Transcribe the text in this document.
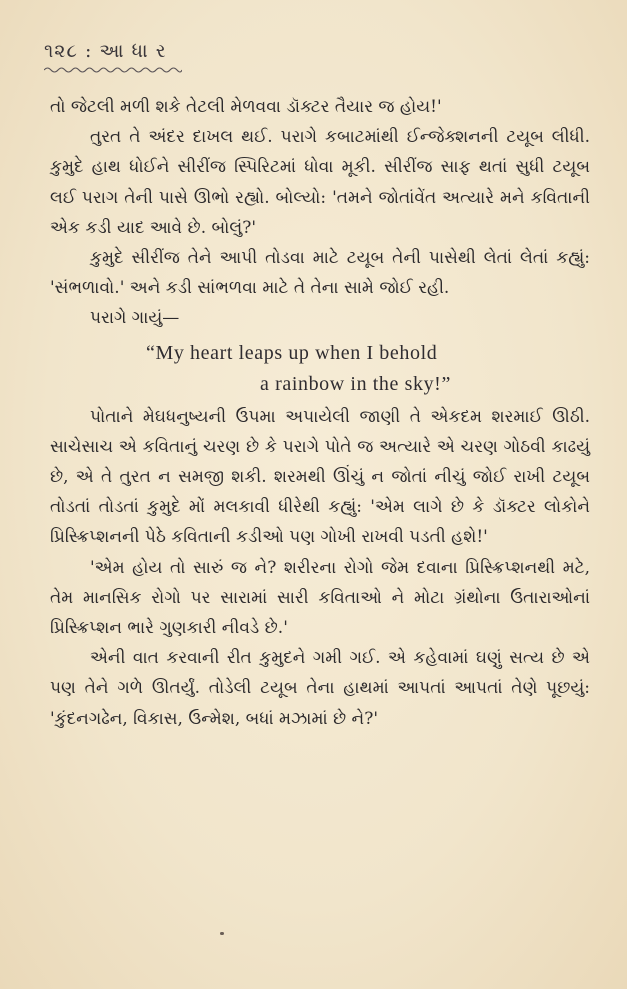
૧૨૮ : આ ધા ર

તો જેટલી મળી શકે તેટલી મેળવવા ડૉક્ટર તૈયાર જ હોય!'

તુરત તે અંદર દાખલ થઈ. પરાગે કબાટમાંથી ઈન્જેક્શનની ટયૂબ લીધી. કુમુદે હાથ ધોઈને સીરીંજ સ્પિરિટમાં ધોવા મૂકી. સીરીંજ સાફ થતાં સુધી ટયૂબ લઈ પરાગ તેની પાસે ઊભો રહ્યો. બોલ્યો: 'તમને જોતાંવેંત અત્યારે મને કવિતાની એક કડી યાદ આવે છે. બોલું?'

કુમુદે સીરીંજ તેને આપી તોડવા માટે ટયૂબ તેની પાસેથી લેતાં લેતાં કહ્યું: 'સંભળાવો.' અને કડી સાંભળવા માટે તે તેના સામે જોઈ રહી.

પરાગે ગાયું—

“My heart leaps up when I behold

a rainbow in the sky!”

પોતાને મેઘધનુષ્યની ઉપમા અપાયેલી જાણી તે એકદમ શરમાઈ ઊઠી. સાચેસાચ એ કવિતાનું ચરણ છે કે પરાગે પોતે જ અત્યારે એ ચરણ ગોઠવી કાઢયું છે, એ તે તુરત ન સમજી શકી. શરમથી ઊંચું ન જોતાં નીચું જોઈ રાખી ટયૂબ તોડતાં તોડતાં કુમુદે મોં મલકાવી ધીરેથી કહ્યું: 'એમ લાગે છે કે ડૉક્ટર લોકોને પ્રિસ્ક્રિપ્શનની પેઠે કવિતાની કડીઓ પણ ગોખી રાખવી પડતી હશે!'

'એમ હોય તો સારું જ ને? શરીરના રોગો જેમ દવાના પ્રિસ્ક્રિપ્શનથી મટે, તેમ માનસિક રોગો પર સારામાં સારી કવિતાઓ ને મોટા ગ્રંથોના ઉતારાઓનાં પ્રિસ્ક્રિપ્શન ભારે ગુણકારી નીવડે છે.'

એની વાત કરવાની રીત કુમુદને ગમી ગઈ. એ કહેવામાં ઘણું સત્ય છે એ પણ તેને ગળે ઊતર્યું. તોડેલી ટયૂબ તેના હાથમાં આપતાં આપતાં તેણે પૂછયું: 'કુંદનગઢેન, વિકાસ, ઉન્મેશ, બધાં મઝામાં છે ને?'
